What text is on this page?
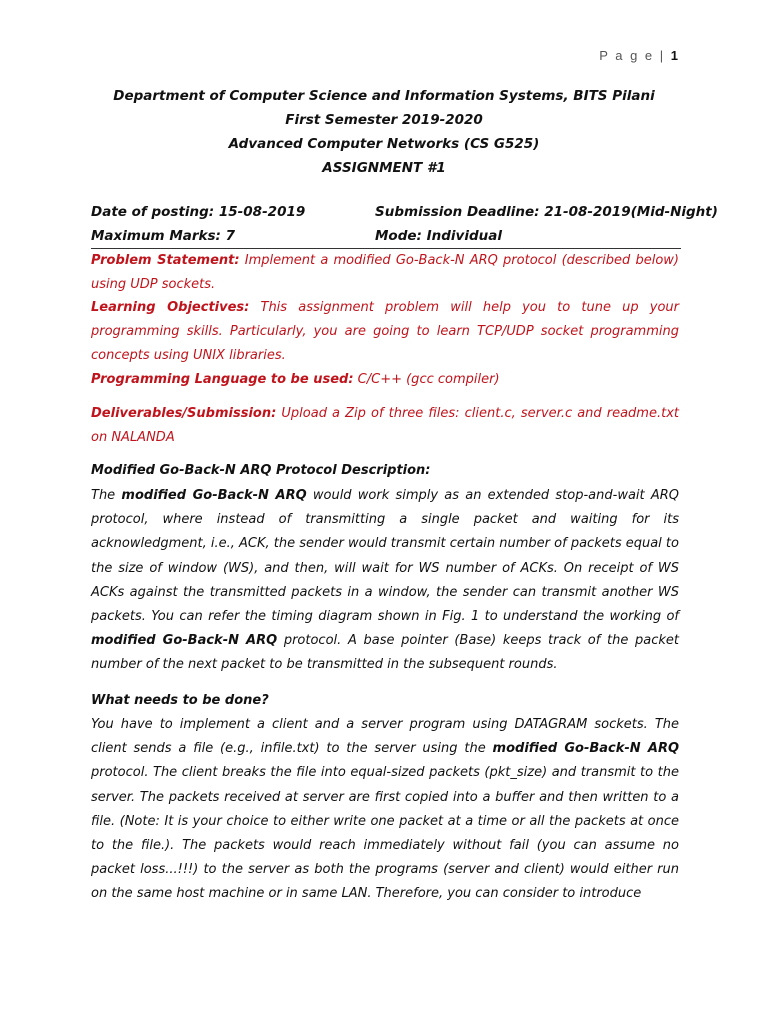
P a g e | 1
Department of Computer Science and Information Systems, BITS Pilani
First Semester 2019-2020
Advanced Computer Networks (CS G525)
ASSIGNMENT #1
Date of posting: 15-08-2019	Submission Deadline: 21-08-2019(Mid-Night)
Maximum Marks: 7	Mode: Individual
Problem Statement: Implement a modified Go-Back-N ARQ protocol (described below) using UDP sockets.
Learning Objectives: This assignment problem will help you to tune up your programming skills. Particularly, you are going to learn TCP/UDP socket programming concepts using UNIX libraries.
Programming Language to be used: C/C++ (gcc compiler)
Deliverables/Submission: Upload a Zip of three files: client.c, server.c and readme.txt on NALANDA
Modified Go-Back-N ARQ Protocol Description:
The modified Go-Back-N ARQ would work simply as an extended stop-and-wait ARQ protocol, where instead of transmitting a single packet and waiting for its acknowledgment, i.e., ACK, the sender would transmit certain number of packets equal to the size of window (WS), and then, will wait for WS number of ACKs. On receipt of WS ACKs against the transmitted packets in a window, the sender can transmit another WS packets. You can refer the timing diagram shown in Fig. 1 to understand the working of modified Go-Back-N ARQ protocol. A base pointer (Base) keeps track of the packet number of the next packet to be transmitted in the subsequent rounds.
What needs to be done?
You have to implement a client and a server program using DATAGRAM sockets. The client sends a file (e.g., infile.txt) to the server using the modified Go-Back-N ARQ protocol. The client breaks the file into equal-sized packets (pkt_size) and transmit to the server. The packets received at server are first copied into a buffer and then written to a file. (Note: It is your choice to either write one packet at a time or all the packets at once to the file.). The packets would reach immediately without fail (you can assume no packet loss...!!!) to the server as both the programs (server and client) would either run on the same host machine or in same LAN. Therefore, you can consider to introduce
